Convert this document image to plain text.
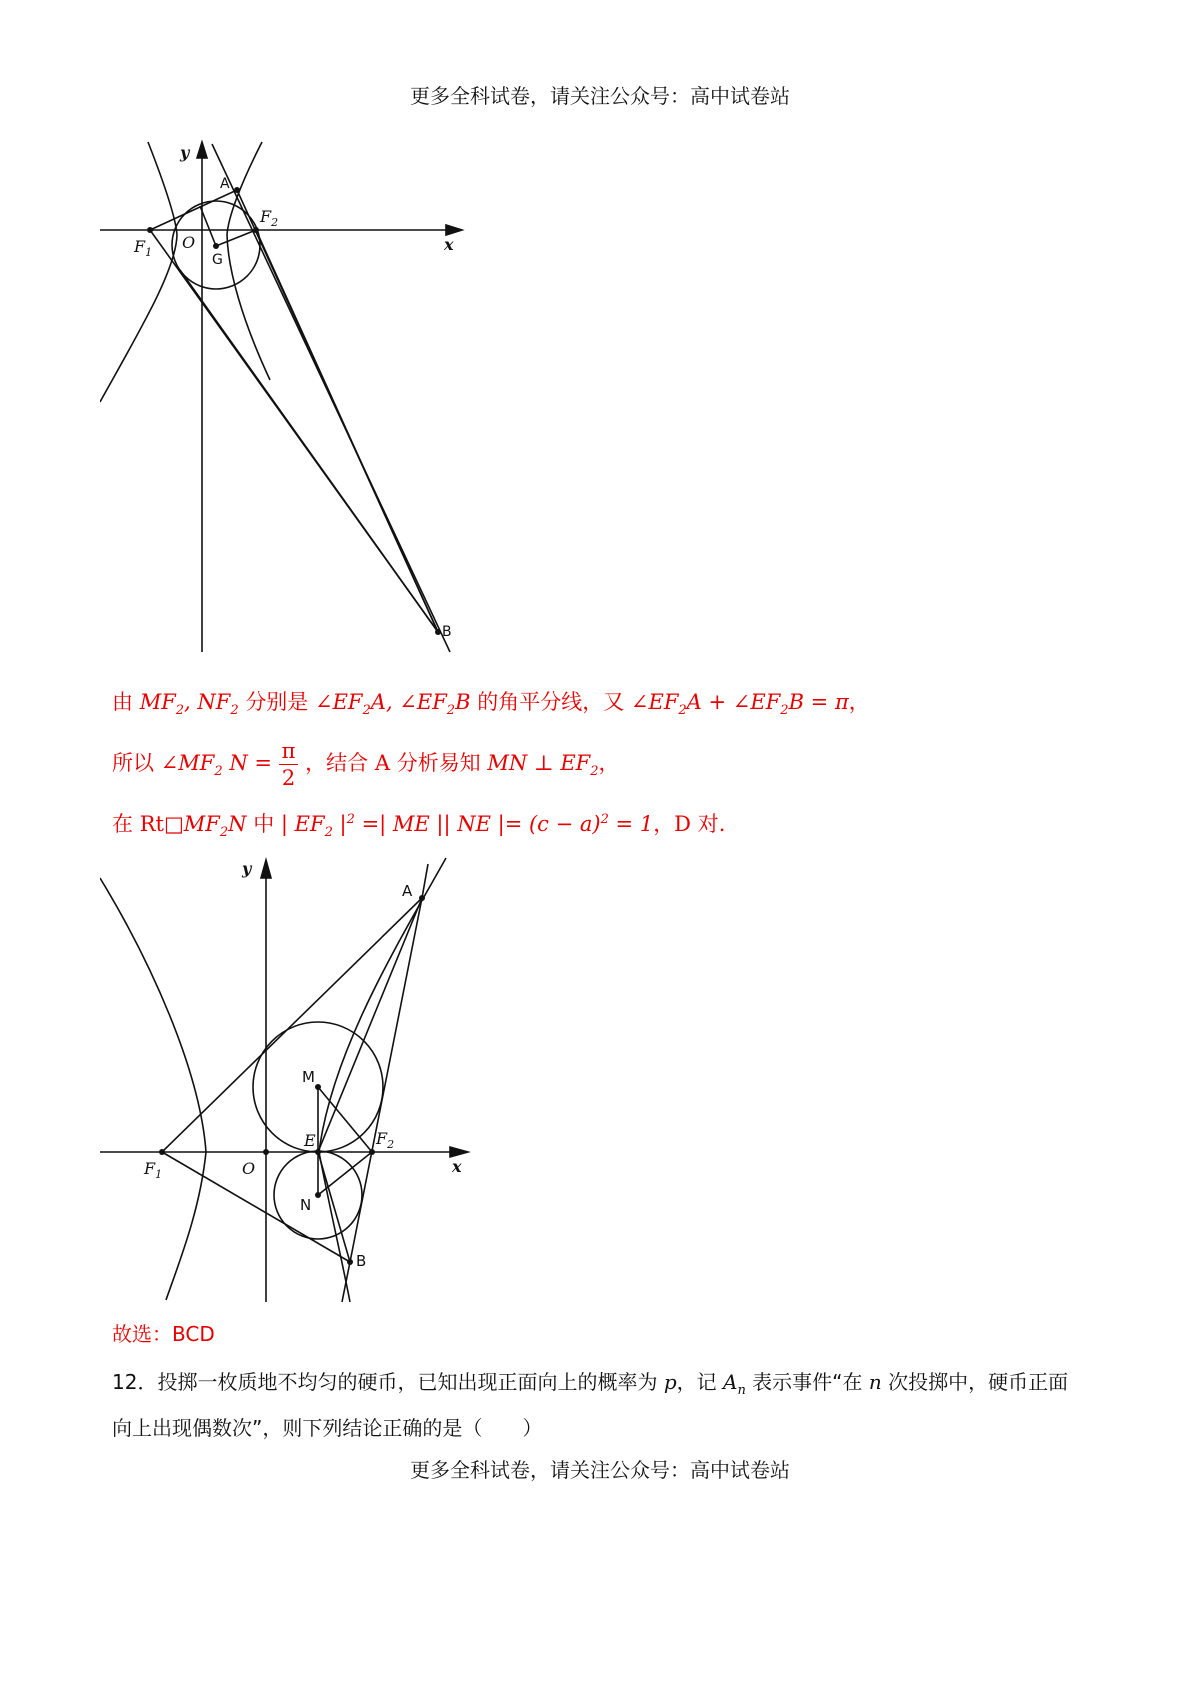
更多全科试卷，请关注公众号：高中试卷站
y
x
A
O
$F_1$
$F_2$
G
B
由 $MF_2$, $NF_2$ 分别是 $\angle EF_2A$, $\angle EF_2B$ 的角平分线，又 $\angle EF_2A$ + $\angle EF_2B = \pi$，
所以 $\angle MF_2$ $N = \frac{\pi}{2}$ ，结合 A 分析易知 MN ⊥ $EF_2$，
在 $Rt□MF_2N$ 中 | $EF_2$ $|^2$ =| ME || NE |= $(c - a)^2 = 1$，D 对.
y
x
A
M
N
E
O
$F_1$
$F_2$
B
故选：BCD
12．投掷一枚质地不均匀的硬币，已知出现正面向上的概率为 p，记 $A_n$ 表示事件“在 n 次投掷中，硬币正面
向上出现偶数次”，则下列结论正确的是（　　）
更多全科试卷，请关注公众号：高中试卷站
